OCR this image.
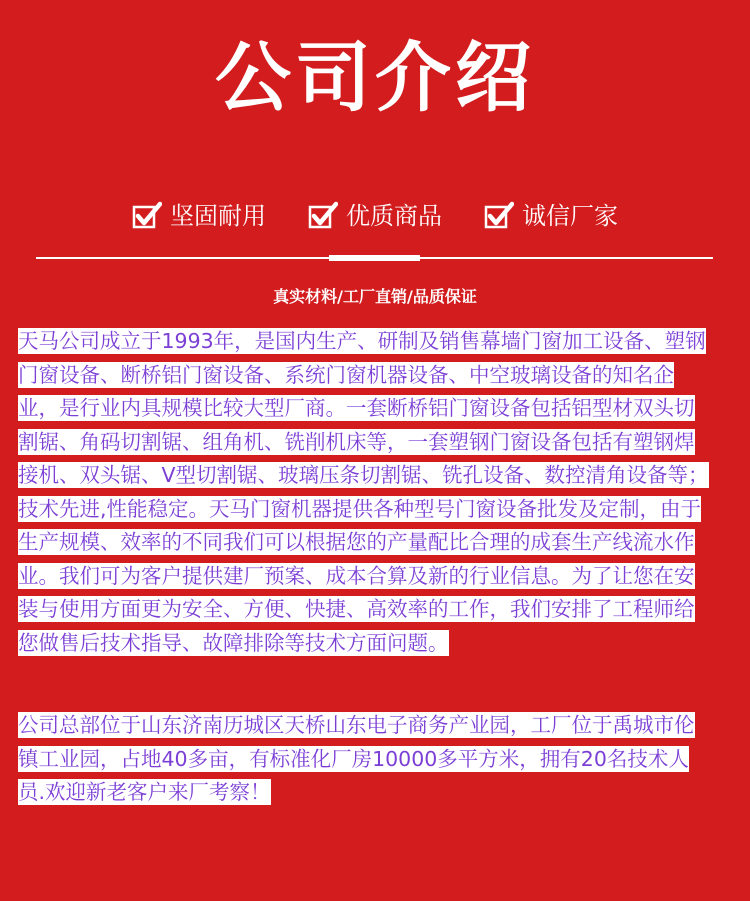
公司介绍
坚固耐用	优质商品	诚信厂家
真实材料/工厂直销/品质保证

天马公司成立于1993年，是国内生产、研制及销售幕墙门窗加工设备、塑钢门窗设备、断桥铝门窗设备、系统门窗机器设备、中空玻璃设备的知名企业，是行业内具规模比较大型厂商。一套断桥铝门窗设备包括铝型材双头切割锯、角码切割锯、组角机、铣削机床等，一套塑钢门窗设备包括有塑钢焊接机、双头锯、V型切割锯、玻璃压条切割锯、铣孔设备、数控清角设备等；技术先进,性能稳定。天马门窗机器提供各种型号门窗设备批发及定制，由于生产规模、效率的不同我们可以根据您的产量配比合理的成套生产线流水作业。我们可为客户提供建厂预案、成本合算及新的行业信息。为了让您在安装与使用方面更为安全、方便、快捷、高效率的工作，我们安排了工程师给您做售后技术指导、故障排除等技术方面问题。

公司总部位于山东济南历城区天桥山东电子商务产业园，工厂位于禹城市伦镇工业园，占地40多亩，有标准化厂房10000多平方米，拥有20名技术人员.欢迎新老客户来厂考察！
